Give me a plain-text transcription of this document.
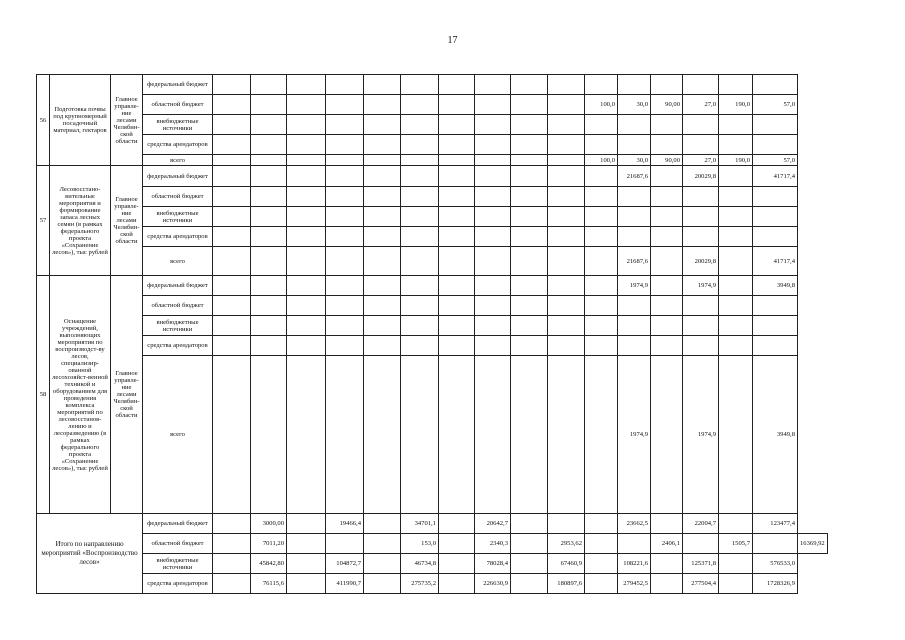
17
56	Подготовка почвы под крупномерный посадочный материал, гектаров	Главное управле-ние лесами Челябин-ской области	федеральный бюджет																	
			областной бюджет											100,0	30,0	90,00	27,0	190,0	57,0	
			внебюджетные источники																	
			средства арендаторов																	
			всего											100,0	30,0	90,00	27,0	190,0	57,0	
57	Лесовосстано-вительные мероприятия и формирование запаса лесных семян (в рамках федерального проекта «Сохранение лесов»), тыс рублей	Главное управле-ние лесами Челябин-ской области	федеральный бюджет												21687,6		20029,8		41717,4	
			областной бюджет																	
			внебюджетные источники																	
			средства арендаторов																	
			всего												21687,6		20029,8		41717,4	
58	Оснащение учреждений, выполняющих мероприятия по воспроизводст-ву лесов, специализир-ованной лесохозяйст-венной техникой и оборудованием для проведения комплекса мероприятий по лесовосстанов-лению и лесоразведению (в рамках федерального проекта «Сохранение лесов»), тыс рублей	Главное управле-ние лесами Челябин-ской области	федеральный бюджет												1974,9		1974,9		3949,8	
			областной бюджет																	
			внебюджетные источники																	
			средства арендаторов																	
			всего												1974,9		1974,9		3949,8	
Итого по направлению мероприятий «Воспроизводство лесов»			федеральный бюджет		3000,00		19466,4		34701,1		20642,7				23662,5		22004,7		123477,4	
			областной бюджет		7011,20				153,0		2340,3		2953,62			2406,1		1505,7		16369,92
			внебюджетные источники		45842,80		104872,7		46734,8		78028,4		67460,9		108221,6		125371,8		576533,0	
			средства арендаторов		76115,6		411990,7		275735,2		226630,9		180897,6		279452,5		277504,4		1728326,9	
